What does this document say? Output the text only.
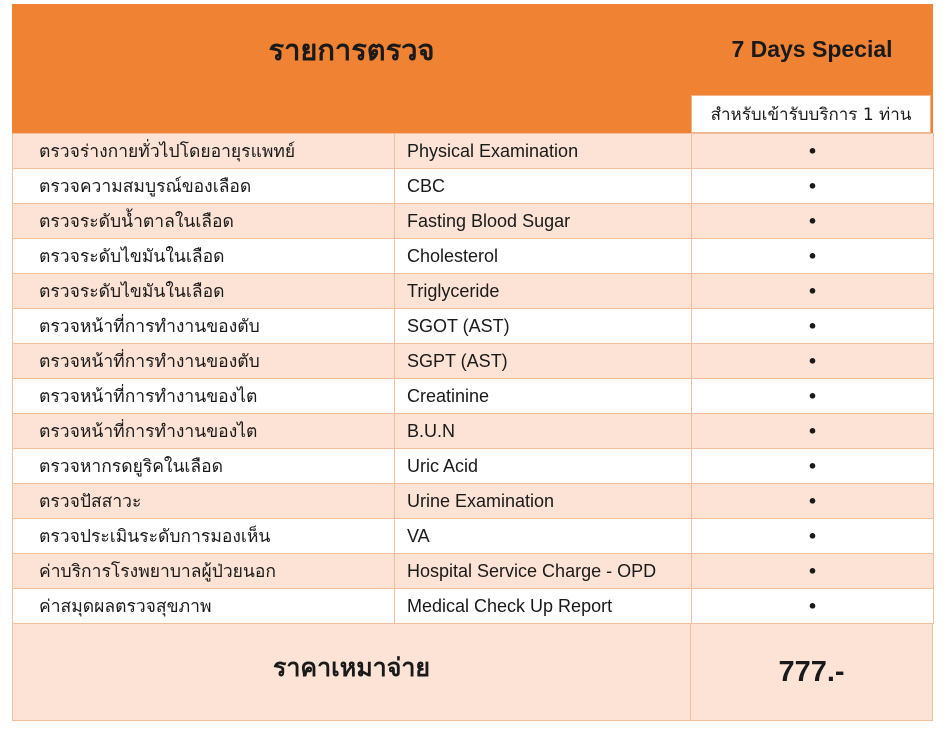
รายการตรวจ	7 Days Special
สำหรับเข้ารับบริการ 1 ท่าน
ตรวจร่างกายทั่วไปโดยอายุรแพทย์	Physical Examination	•
ตรวจความสมบูรณ์ของเลือด	CBC	•
ตรวจระดับน้ำตาลในเลือด	Fasting Blood Sugar	•
ตรวจระดับไขมันในเลือด	Cholesterol	•
ตรวจระดับไขมันในเลือด	Triglyceride	•
ตรวจหน้าที่การทำงานของตับ	SGOT (AST)	•
ตรวจหน้าที่การทำงานของตับ	SGPT (AST)	•
ตรวจหน้าที่การทำงานของไต	Creatinine	•
ตรวจหน้าที่การทำงานของไต	B.U.N	•
ตรวจหากรดยูริคในเลือด	Uric Acid	•
ตรวจปัสสาวะ	Urine Examination	•
ตรวจประเมินระดับการมองเห็น	VA	•
ค่าบริการโรงพยาบาลผู้ป่วยนอก	Hospital Service Charge - OPD	•
ค่าสมุดผลตรวจสุขภาพ	Medical Check Up Report	•
ราคาเหมาจ่าย	777.-
